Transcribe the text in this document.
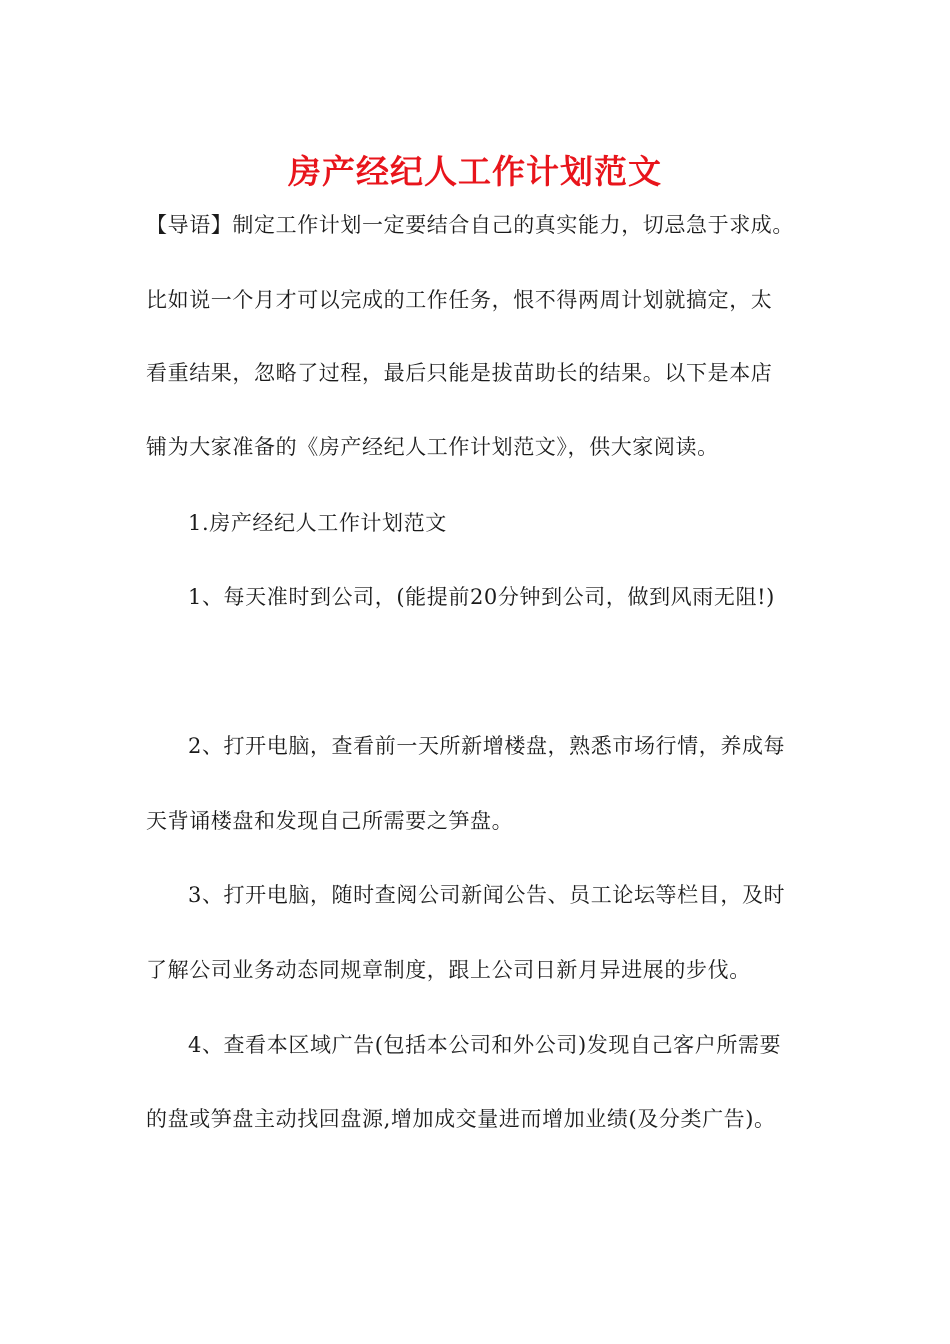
房产经纪人工作计划范文

【导语】制定工作计划一定要结合自己的真实能力，切忌急于求成。

比如说一个月才可以完成的工作任务，恨不得两周计划就搞定，太

看重结果，忽略了过程，最后只能是拔苗助长的结果。以下是本店

铺为大家准备的《房产经纪人工作计划范文》，供大家阅读。

1.房产经纪人工作计划范文

1、每天准时到公司，(能提前20分钟到公司，做到风雨无阻!)

2、打开电脑，查看前一天所新增楼盘，熟悉市场行情，养成每

天背诵楼盘和发现自己所需要之笋盘。

3、打开电脑，随时查阅公司新闻公告、员工论坛等栏目，及时

了解公司业务动态同规章制度，跟上公司日新月异进展的步伐。

4、查看本区域广告(包括本公司和外公司)发现自己客户所需要

的盘或笋盘主动找回盘源,增加成交量进而增加业绩(及分类广告)。
